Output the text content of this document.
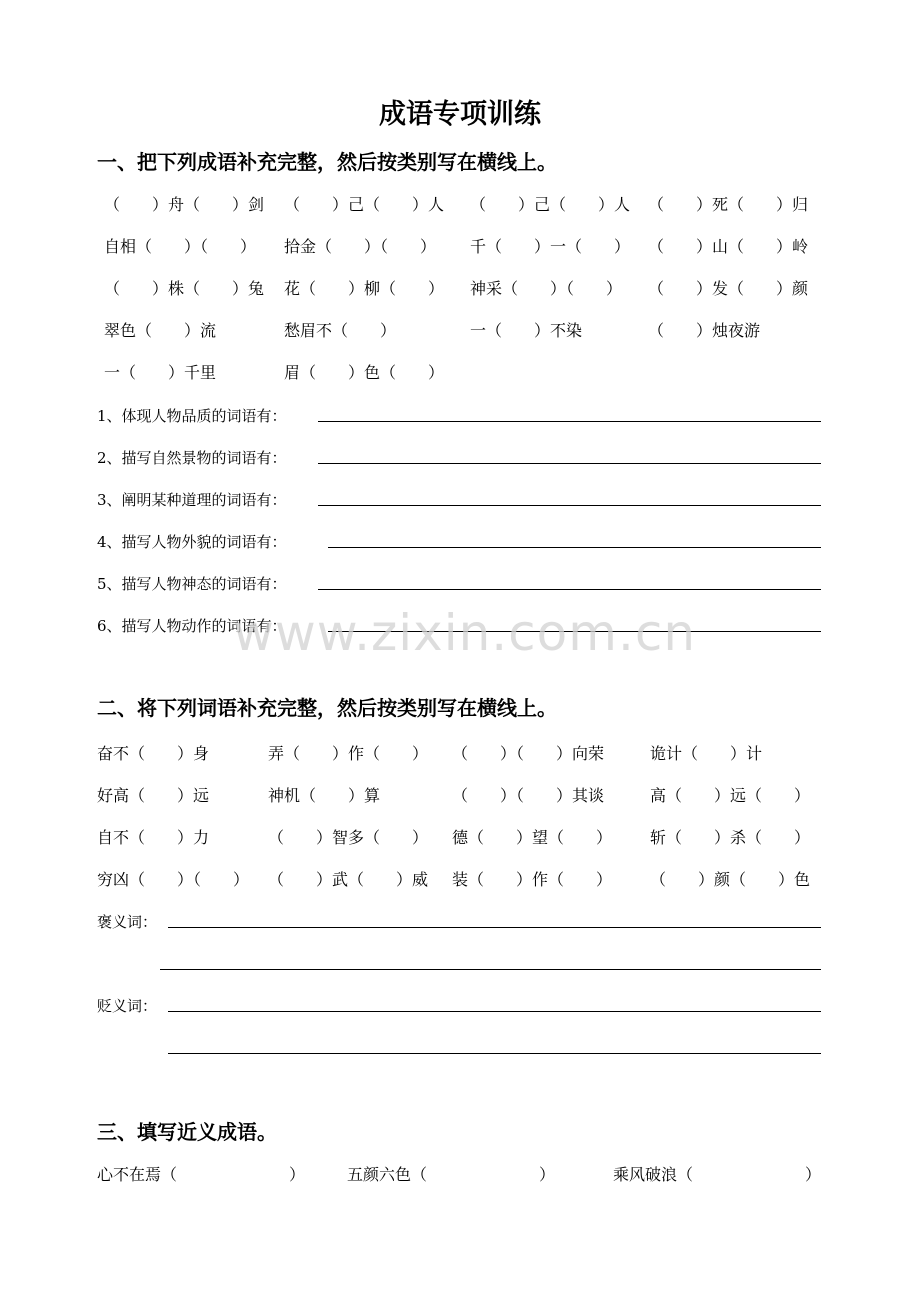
成语专项训练
一、把下列成语补充完整，然后按类别写在横线上。
（　　）舟（　　）剑 （　　）己（　　）人 （　　）己（　　）人 （　　）死（　　）归
自相（　　）（　　） 拾金（　　）（　　） 千（　　）一（　　） （　　）山（　　）岭
（　　）株（　　）兔 花（　　）柳（　　） 神采（　　）（　　） （　　）发（　　）颜
翠色（　　）流	愁眉不（　　）	一（　　）不染	（　　）烛夜游
一（　　）千里	眉（　　）色（　　）
1、体现人物品质的词语有：
2、描写自然景物的词语有：
3、阐明某种道理的词语有：
4、描写人物外貌的词语有：
5、描写人物神态的词语有：
6、描写人物动作的词语有：
www.zixin.com.cn
二、将下列词语补充完整，然后按类别写在横线上。
奋不（　　）身	弄（　　）作（　　） （　　）（　　）向荣	诡计（　　）计
好高（　　）远	神机（　　）算	（　　）（　　）其谈	高（　　）远（　　）
自不（　　）力	（　　）智多（　　） 德（　　）望（　　） 斩（　　）杀（　　）
穷凶（　　）（　　） （　　）武（　　）威 装（　　）作（　　） （　　）颜（　　）色
褒义词：
贬义词：
三、填写近义成语。
心不在焉（　　　　　　　）	五颜六色（　　　　　　　）	乘风破浪（　　　　　　　）
